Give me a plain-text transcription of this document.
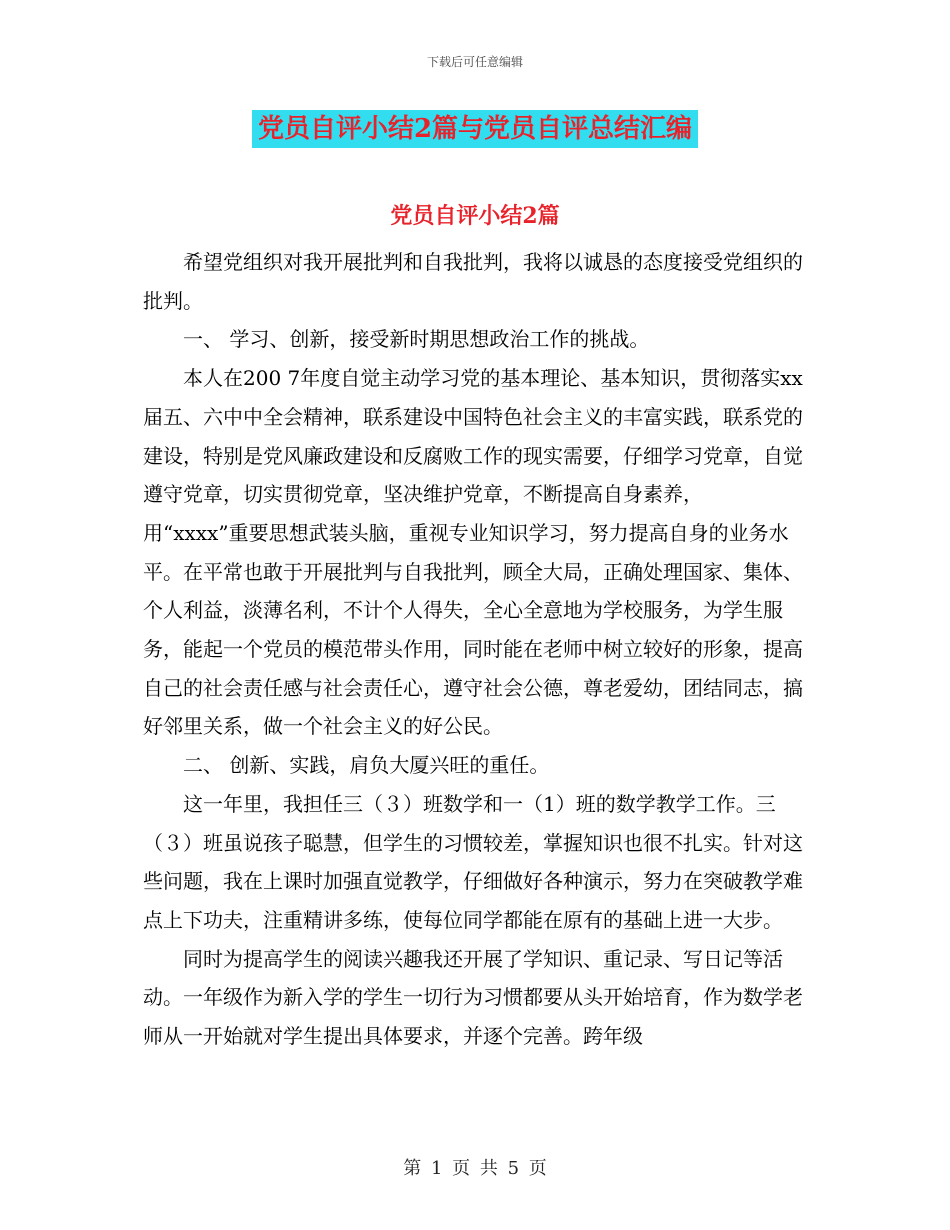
下载后可任意编辑
党员自评小结2篇与党员自评总结汇编
党员自评小结2篇

希望党组织对我开展批判和自我批判，我将以诚恳的态度接受党组织的批判。

一、 学习、创新，接受新时期思想政治工作的挑战。

本人在200 7年度自觉主动学习党的基本理论、基本知识，贯彻落实xx届五、六中中全会精神，联系建设中国特色社会主义的丰富实践，联系党的建设，特别是党风廉政建设和反腐败工作的现实需要，仔细学习党章，自觉遵守党章，切实贯彻党章，坚决维护党章，不断提高自身素养，用“xxxx”重要思想武装头脑，重视专业知识学习，努力提高自身的业务水平。在平常也敢于开展批判与自我批判，顾全大局，正确处理国家、集体、个人利益，淡薄名利，不计个人得失，全心全意地为学校服务，为学生服务，能起一个党员的模范带头作用，同时能在老师中树立较好的形象，提高自己的社会责任感与社会责任心，遵守社会公德，尊老爱幼，团结同志，搞好邻里关系，做一个社会主义的好公民。

二、 创新、实践，肩负大厦兴旺的重任。

这一年里，我担任三（３）班数学和一（1）班的数学教学工作。三（３）班虽说孩子聪慧，但学生的习惯较差，掌握知识也很不扎实。针对这些问题，我在上课时加强直觉教学，仔细做好各种演示，努力在突破教学难点上下功夫，注重精讲多练，使每位同学都能在原有的基础上进一大步。

同时为提高学生的阅读兴趣我还开展了学知识、重记录、写日记等活动。一年级作为新入学的学生一切行为习惯都要从头开始培育，作为数学老师从一开始就对学生提出具体要求，并逐个完善。跨年级

第 1 页 共 5 页
